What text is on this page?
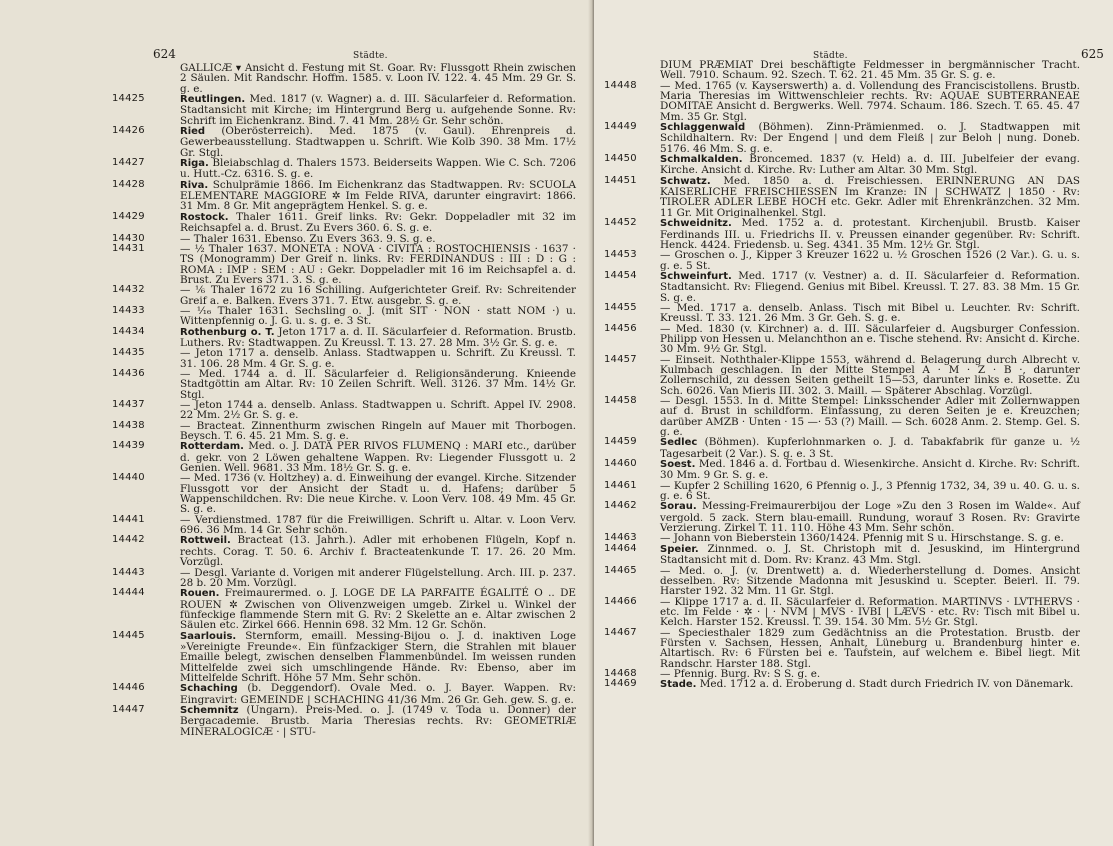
624	Städte.
GALLICÆ ▾ Ansicht d. Festung mit St. Goar. Rv: Flussgott Rhein zwischen 2 Säulen. Mit Randschr. Hoffm. 1585. v. Loon IV. 122. 4. 45 Mm. 29 Gr. S. g. e.
14425	Reutlingen. Med. 1817 (v. Wagner) a. d. III. Säcularfeier d. Reformation. Stadtansicht mit Kirche; im Hintergrund Berg u. aufgehende Sonne. Rv: Schrift im Eichenkranz. Bind. 7. 41 Mm. 28½ Gr. Sehr schön.
14426	Ried (Oberösterreich). Med. 1875 (v. Gaul). Ehrenpreis d. Gewerbeausstellung. Stadtwappen u. Schrift. Wie Kolb 390. 38 Mm. 17½ Gr. Stgl.
14427	Riga. Bleiabschlag d. Thalers 1573. Beiderseits Wappen. Wie C. Sch. 7206 u. Hutt.-Cz. 6316. S. g. e.
14428	Riva. Schulprämie 1866. Im Eichenkranz das Stadtwappen. Rv: SCUOLA ELEMENTARE MAGGIORE ✲ Im Felde RIVA, darunter eingravirt: 1866. 31 Mm. 8 Gr. Mit angeprägtem Henkel. S. g. e.
14429	Rostock. Thaler 1611. Greif links. Rv: Gekr. Doppeladler mit 32 im Reichsapfel a. d. Brust. Zu Evers 360. 6. S. g. e.
14430	— Thaler 1631. Ebenso. Zu Evers 363. 9. S. g. e.
14431	— ½ Thaler 1637. MONETA : NOVA · CIVITA : ROSTOCHIENSIS · 1637 · TS (Monogramm) Der Greif n. links. Rv: FERDINANDUS : III : D : G : ROMA : IMP : SEM : AU : Gekr. Doppeladler mit 16 im Reichsapfel a. d. Brust. Zu Evers 371. 3. S. g. e.
14432	— ⅙ Thaler 1672 zu 16 Schilling. Aufgerichteter Greif. Rv: Schreitender Greif a. e. Balken. Evers 371. 7. Etw. ausgebr. S. g. e.
14433	— ¹⁄₁₆ Thaler 1631. Sechsling o. J. (mit SIT · NON · statt NOM ·) u. Wittenpfennig o. J. G. u. s. g. e. 3 St.
14434	Rothenburg o. T. Jeton 1717 a. d. II. Säcularfeier d. Reformation. Brustb. Luthers. Rv: Stadtwappen. Zu Kreussl. T. 13. 27. 28 Mm. 3½ Gr. S. g. e.
14435	— Jeton 1717 a. denselb. Anlass. Stadtwappen u. Schrift. Zu Kreussl. T. 31. 106. 28 Mm. 4 Gr. S. g. e.
14436	— Med. 1744 a. d. II. Säcularfeier d. Religionsänderung. Knieende Stadtgöttin am Altar. Rv: 10 Zeilen Schrift. Well. 3126. 37 Mm. 14½ Gr. Stgl.
14437	— Jeton 1744 a. denselb. Anlass. Stadtwappen u. Schrift. Appel IV. 2908. 22 Mm. 2½ Gr. S. g. e.
14438	— Bracteat. Zinnenthurm zwischen Ringeln auf Mauer mit Thorbogen. Beysch. T. 6. 45. 21 Mm. S. g. e.
14439	Rotterdam. Med. o. J. DATA PER RIVOS FLUMENQ : MARI etc., darüber d. gekr. von 2 Löwen gehaltene Wappen. Rv: Liegender Flussgott u. 2 Genien. Well. 9681. 33 Mm. 18½ Gr. S. g. e.
14440	— Med. 1736 (v. Holtzhey) a. d. Einweihung der evangel. Kirche. Sitzender Flussgott vor der Ansicht der Stadt u. d. Hafens; darüber 5 Wappenschildchen. Rv: Die neue Kirche. v. Loon Verv. 108. 49 Mm. 45 Gr. S. g. e.
14441	— Verdienstmed. 1787 für die Freiwilligen. Schrift u. Altar. v. Loon Verv. 696. 36 Mm. 14 Gr. Sehr schön.
14442	Rottweil. Bracteat (13. Jahrh.). Adler mit erhobenen Flügeln, Kopf n. rechts. Corag. T. 50. 6. Archiv f. Bracteatenkunde T. 17. 26. 20 Mm. Vorzügl.
14443	— Desgl. Variante d. Vorigen mit anderer Flügelstellung. Arch. III. p. 237. 28 b. 20 Mm. Vorzügl.
14444	Rouen. Freimaurermed. o. J. LOGE DE LA PARFAITE ÉGALITÉ O .. DE ROUEN ✲ Zwischen von Olivenzweigen umgeb. Zirkel u. Winkel der fünfeckige flammende Stern mit G. Rv: 2 Skelette an e. Altar zwischen 2 Säulen etc. Zirkel 666. Hennin 698. 32 Mm. 12 Gr. Schön.
14445	Saarlouis. Sternform, emaill. Messing-Bijou o. J. d. inaktiven Loge »Vereinigte Freunde«. Ein fünfzackiger Stern, die Strahlen mit blauer Emaille belegt, zwischen denselben Flammenbündel. Im weissen runden Mittelfelde zwei sich umschlingende Hände. Rv: Ebenso, aber im Mittelfelde Schrift. Höhe 57 Mm. Sehr schön.
14446	Schaching (b. Deggendorf). Ovale Med. o. J. Bayer. Wappen. Rv: Eingravirt: GEMEINDE | SCHACHING 41/36 Mm. 26 Gr. Geh. gew. S. g. e.
14447	Schemnitz (Ungarn). Preis-Med. o. J. (1749 v. Toda u. Donner) der Bergacademie. Brustb. Maria Theresias rechts. Rv: GEOMETRIÆ MINERALOGICÆ · | STU-
Städte.	625
DIUM PRÆMIAT Drei beschäftigte Feldmesser in bergmännischer Tracht. Well. 7910. Schaum. 92. Szech. T. 62. 21. 45 Mm. 35 Gr. S. g. e.
14448	— Med. 1765 (v. Kayserswerth) a. d. Vollendung des Franciscistollens. Brustb. Maria Theresias im Wittwenschleier rechts. Rv: AQUAE SUBTERRANEAE DOMITAE Ansicht d. Bergwerks. Well. 7974. Schaum. 186. Szech. T. 65. 45. 47 Mm. 35 Gr. Stgl.
14449	Schlaggenwald (Böhmen). Zinn-Prämienmed. o. J. Stadtwappen mit Schildhaltern. Rv: Der Engend | und dem Fleiß | zur Beloh | nung. Doneb. 5176. 46 Mm. S. g. e.
14450	Schmalkalden. Broncemed. 1837 (v. Held) a. d. III. Jubelfeier der evang. Kirche. Ansicht d. Kirche. Rv: Luther am Altar. 30 Mm. Stgl.
14451	Schwatz. Med. 1850 a. d. Freischiessen. ERINNERUNG AN DAS KAISERLICHE FREISCHIESSEN Im Kranze: IN | SCHWATZ | 1850 · Rv: TIROLER ADLER LEBE HOCH etc. Gekr. Adler mit Ehrenkränzchen. 32 Mm. 11 Gr. Mit Originalhenkel. Stgl.
14452	Schweidnitz. Med. 1752 a. d. protestant. Kirchenjubil. Brustb. Kaiser Ferdinands III. u. Friedrichs II. v. Preussen einander gegenüber. Rv: Schrift. Henck. 4424. Friedensb. u. Seg. 4341. 35 Mm. 12½ Gr. Stgl.
14453	— Groschen o. J., Kipper 3 Kreuzer 1622 u. ½ Groschen 1526 (2 Var.). G. u. s. g. e. 5 St.
14454	Schweinfurt. Med. 1717 (v. Vestner) a. d. II. Säcularfeier d. Reformation. Stadtansicht. Rv: Fliegend. Genius mit Bibel. Kreussl. T. 27. 83. 38 Mm. 15 Gr. S. g. e.
14455	— Med. 1717 a. denselb. Anlass. Tisch mit Bibel u. Leuchter. Rv: Schrift. Kreussl. T. 33. 121. 26 Mm. 3 Gr. Geh. S. g. e.
14456	— Med. 1830 (v. Kirchner) a. d. III. Säcularfeier d. Augsburger Confession. Philipp von Hessen u. Melanchthon an e. Tische stehend. Rv: Ansicht d. Kirche. 30 Mm. 9½ Gr. Stgl.
14457	— Einseit. Noththaler-Klippe 1553, während d. Belagerung durch Albrecht v. Kulmbach geschlagen. In der Mitte Stempel A · M · Z · B ·, darunter Zollernschild, zu dessen Seiten getheilt 15—53, darunter links e. Rosette. Zu Sch. 6026. Van Mieris III. 302. 3. Maill. — Späterer Abschlag. Vorzügl.
14458	— Desgl. 1553. In d. Mitte Stempel: Linksschender Adler mit Zollernwappen auf d. Brust in schildform. Einfassung, zu deren Seiten je e. Kreuzchen; darüber AMZB · Unten · 15 —· 53 (?) Maill. — Sch. 6028 Anm. 2. Stemp. Gel. S. g. e.
14459	Sedlec (Böhmen). Kupferlohnmarken o. J. d. Tabakfabrik für ganze u. ½ Tagesarbeit (2 Var.). S. g. e. 3 St.
14460	Soest. Med. 1846 a. d. Fortbau d. Wiesenkirche. Ansicht d. Kirche. Rv: Schrift. 30 Mm. 9 Gr. S. g. e.
14461	— Kupfer 2 Schilling 1620, 6 Pfennig o. J., 3 Pfennig 1732, 34, 39 u. 40. G. u. s. g. e. 6 St.
14462	Sorau. Messing-Freimaurerbijou der Loge »Zu den 3 Rosen im Walde«. Auf vergold. 5 zack. Stern blau-emaill. Rundung, worauf 3 Rosen. Rv: Gravirte Verzierung. Zirkel T. 11. 110. Höhe 43 Mm. Sehr schön.
14463	— Johann von Bieberstein 1360/1424. Pfennig mit S u. Hirschstange. S. g. e.
14464	Speier. Zinnmed. o. J. St. Christoph mit d. Jesuskind, im Hintergrund Stadtansicht mit d. Dom. Rv: Kranz. 43 Mm. Stgl.
14465	— Med. o. J. (v. Drentwett) a. d. Wiederherstellung d. Domes. Ansicht desselben. Rv: Sitzende Madonna mit Jesuskind u. Scepter. Beierl. II. 79. Harster 192. 32 Mm. 11 Gr. Stgl.
14466	— Klippe 1717 a. d. II. Säcularfeier d. Reformation. MARTINVS · LVTHERVS · etc. Im Felde · ✲ · | · NVM | MVS · IVBI | LÆVS · etc. Rv: Tisch mit Bibel u. Kelch. Harster 152. Kreussl. T. 39. 154. 30 Mm. 5½ Gr. Stgl.
14467	— Speciesthaler 1829 zum Gedächtniss an die Protestation. Brustb. der Fürsten v. Sachsen, Hessen, Anhalt, Lüneburg u. Brandenburg hinter e. Altartisch. Rv: 6 Fürsten bei e. Taufstein, auf welchem e. Bibel liegt. Mit Randschr. Harster 188. Stgl.
14468	— Pfennig. Burg. Rv: S S. g. e.
14469	Stade. Med. 1712 a. d. Eroberung d. Stadt durch Friedrich IV. von Dänemark.
